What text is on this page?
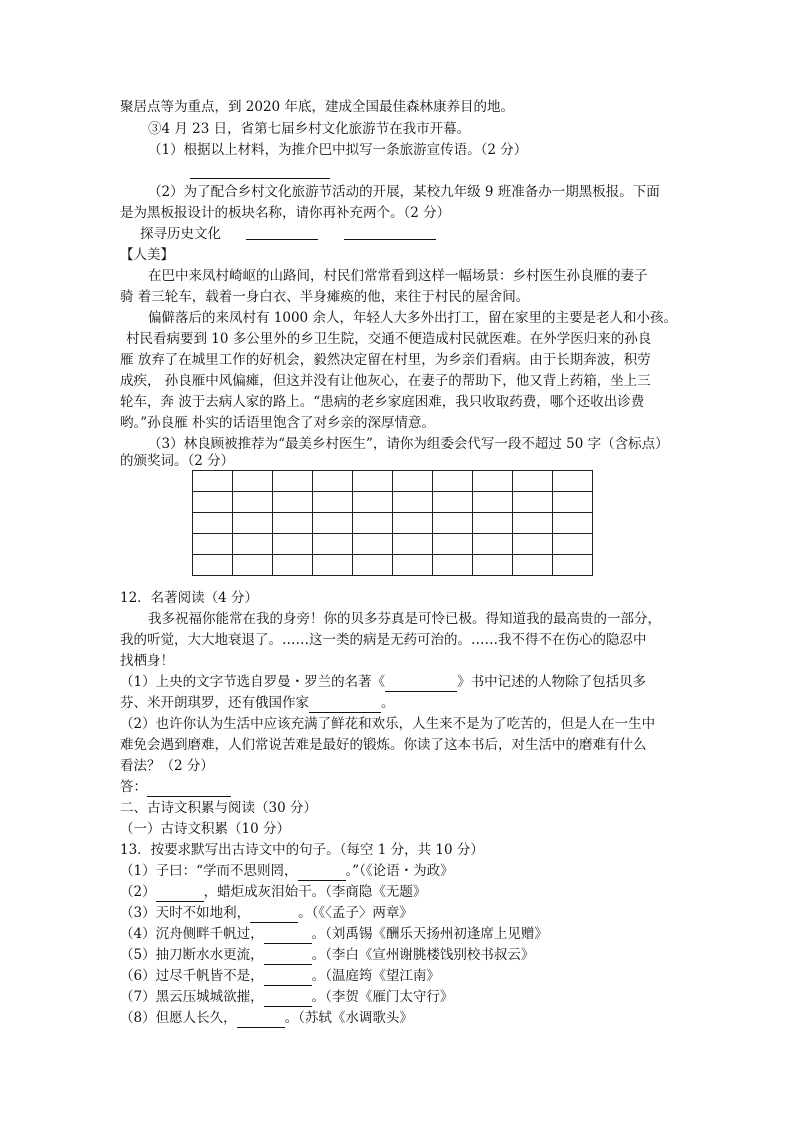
聚居点等为重点，到 2020 年底，建成全国最佳森林康养目的地。
③4 月 23 日，省第七届乡村文化旅游节在我市开幕。
（1）根据以上材料，为推介巴中拟写一条旅游宣传语。（2 分）
（2）为了配合乡村文化旅游节活动的开展，某校九年级 9 班准备办一期黑板报。下面
是为黑板报设计的板块名称，请你再补充两个。（2 分）
探寻历史文化
【人美】
在巴中来凤村崎岖的山路间，村民们常常看到这样一幅场景：乡村医生孙良雁的妻子
骑 着三轮车，载着一身白衣、半身瘫痪的他，来往于村民的屋舍间。
偏僻落后的来凤村有 1000 余人，年轻人大多外出打工，留在家里的主要是老人和小孩。
村民看病要到 10 多公里外的乡卫生院，交通不便造成村民就医难。在外学医归来的孙良
雁 放弃了在城里工作的好机会，毅然决定留在村里，为乡亲们看病。由于长期奔波，积劳
成疾， 孙良雁中风偏瘫，但这并没有让他灰心，在妻子的帮助下，他又背上药箱，坐上三
轮车，奔 波于去病人家的路上。“患病的老乡家庭困难，我只收取药费，哪个还收出诊费
哟。”孙良雁 朴实的话语里饱含了对乡亲的深厚情意。
（3）林良顾被推荐为“最美乡村医生”，请你为组委会代写一段不超过 50 字（含标点）
的颁奖词。（2 分）

12．名著阅读（4 分）
我多祝福你能常在我的身旁！你的贝多芬真是可怜已极。得知道我的最高贵的一部分，
我的听觉，大大地衰退了。……这一类的病是无药可治的。……我不得不在伤心的隐忍中
找栖身！
（1）上央的文字节选自罗曼・罗兰的名著《	》书中记述的人物除了包括贝多
芬、米开朗琪罗，还有俄国作家	。
（2）也许你认为生活中应该充满了鲜花和欢乐，人生来不是为了吃苦的，但是人在一生中
难免会遇到磨难，人们常说苦难是最好的锻炼。你读了这本书后，对生活中的磨难有什么
看法？（2 分）
答：
二、古诗文积累与阅读（30 分）
（一）古诗文积累（10 分）
13．按要求默写出古诗文中的句子。（每空 1 分，共 10 分）
（1）子曰：“学而不思则罔，	。”（《论语・为政》
（2）	，蜡炬成灰泪始干。（李商隐《无题》
（3）天时不如地利，	。（《〈孟子〉两章》
（4）沉舟侧畔千帆过，	。（刘禹锡《酬乐天扬州初逢席上见赠》
（5）抽刀断水水更流，	。（李白《宣州谢朓楼饯别校书叔云》
（6）过尽千帆皆不是，	。（温庭筠《望江南》
（7）黑云压城城欲摧，	。（李贺《雁门太守行》
（8）但愿人长久，	。（苏轼《水调歌头》
